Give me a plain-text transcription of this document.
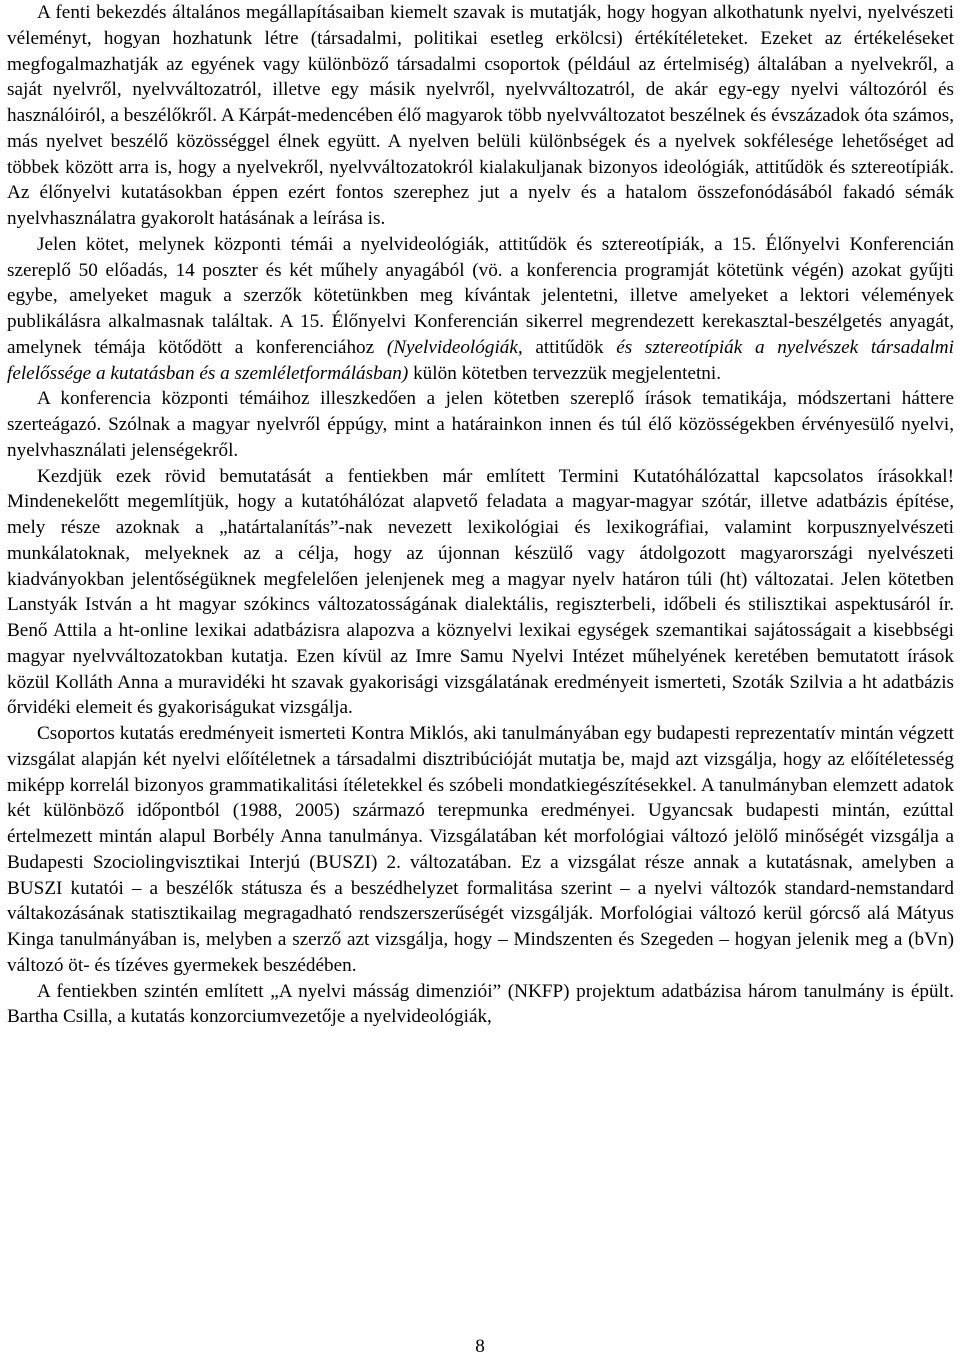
A fenti bekezdés általános megállapításaiban kiemelt szavak is mutatják, hogy hogyan alkothatunk nyelvi, nyelvészeti véleményt, hogyan hozhatunk létre (társadalmi, politikai esetleg erkölcsi) értékítéleteket. Ezeket az értékeléseket megfogalmazhatják az egyének vagy különböző társadalmi csoportok (például az értelmiség) általában a nyelvekről, a saját nyelvről, nyelvváltozatról, illetve egy másik nyelvről, nyelvváltozatról, de akár egy-egy nyelvi változóról és használóiról, a beszélőkről. A Kárpát-medencében élő magyarok több nyelvváltozatot beszélnek és évszázadok óta számos, más nyelvet beszélő közösséggel élnek együtt. A nyelven belüli különbségek és a nyelvek sokfélesége lehetőséget ad többek között arra is, hogy a nyelvekről, nyelvváltozatokról kialakuljanak bizonyos ideológiák, attitűdök és sztereotípiák. Az élőnyelvi kutatásokban éppen ezért fontos szerephez jut a nyelv és a hatalom összefonódásából fakadó sémák nyelvhasználatra gyakorolt hatásának a leírása is.

Jelen kötet, melynek központi témái a nyelvideológiák, attitűdök és sztereotípiák, a 15. Élőnyelvi Konferencián szereplő 50 előadás, 14 poszter és két műhely anyagából (vö. a konferencia programját kötetünk végén) azokat gyűjti egybe, amelyeket maguk a szerzők kötetünkben meg kívántak jelentetni, illetve amelyeket a lektori vélemények publikálásra alkalmasnak találtak. A 15. Élőnyelvi Konferencián sikerrel megrendezett kerekasztal-beszélgetés anyagát, amelynek témája kötődött a konferenciához (Nyelvideológiák, attitűdök és sztereotípiák a nyelvészek társadalmi felelőssége a kutatásban és a szemléletformálásban) külön kötetben tervezzük megjelentetni.

A konferencia központi témáihoz illeszkedően a jelen kötetben szereplő írások tematikája, módszertani háttere szerteágazó. Szólnak a magyar nyelvről éppúgy, mint a határainkon innen és túl élő közösségekben érvényesülő nyelvi, nyelvhasználati jelenségekről.

Kezdjük ezek rövid bemutatását a fentiekben már említett Termini Kutatóhálózattal kapcsolatos írásokkal! Mindenekelőtt megemlítjük, hogy a kutatóhálózat alapvető feladata a magyar-magyar szótár, illetve adatbázis építése, mely része azoknak a „határtalanítás”-nak nevezett lexikológiai és lexikográfiai, valamint korpusznyelvészeti munkálatoknak, melyeknek az a célja, hogy az újonnan készülő vagy átdolgozott magyarországi nyelvészeti kiadványokban jelentőségüknek megfelelően jelenjenek meg a magyar nyelv határon túli (ht) változatai. Jelen kötetben Lanstyák István a ht magyar szókincs változatosságának dialektális, regiszterbeli, időbeli és stilisztikai aspektusáról ír. Benő Attila a ht-online lexikai adatbázisra alapozva a köznyelvi lexikai egységek szemantikai sajátosságait a kisebbségi magyar nyelvváltozatokban kutatja. Ezen kívül az Imre Samu Nyelvi Intézet műhelyének keretében bemutatott írások közül Kolláth Anna a muravidéki ht szavak gyakorisági vizsgálatának eredményeit ismerteti, Szoták Szilvia a ht adatbázis őrvidéki elemeit és gyakoriságukat vizsgálja.

Csoportos kutatás eredményeit ismerteti Kontra Miklós, aki tanulmányában egy budapesti reprezentatív mintán végzett vizsgálat alapján két nyelvi előítéletnek a társadalmi disztribúcióját mutatja be, majd azt vizsgálja, hogy az előítéletesség miképp korrelál bizonyos grammatikalitási ítéletekkel és szóbeli mondatkiegészítésekkel. A tanulmányban elemzett adatok két különböző időpontból (1988, 2005) származó terepmunka eredményei. Ugyancsak budapesti mintán, ezúttal értelmezett mintán alapul Borbély Anna tanulmánya. Vizsgálatában két morfológiai változó jelölő minőségét vizsgálja a Budapesti Szociolingvisztikai Interjú (BUSZI) 2. változatában. Ez a vizsgálat része annak a kutatásnak, amelyben a BUSZI kutatói – a beszélők státusza és a beszédhelyzet formalitása szerint – a nyelvi változók standard-nemstandard váltakozásának statisztikailag megragadható rendszerszerűségét vizsgálják. Morfológiai változó kerül górcső alá Mátyus Kinga tanulmányában is, melyben a szerző azt vizsgálja, hogy – Mindszenten és Szegeden – hogyan jelenik meg a (bVn) változó öt- és tízéves gyermekek beszédében.

A fentiekben szintén említett „A nyelvi másság dimenziói” (NKFP) projektum adatbázisa három tanulmány is épült. Bartha Csilla, a kutatás konzorciumvezetője a nyelvideológiák,

8
